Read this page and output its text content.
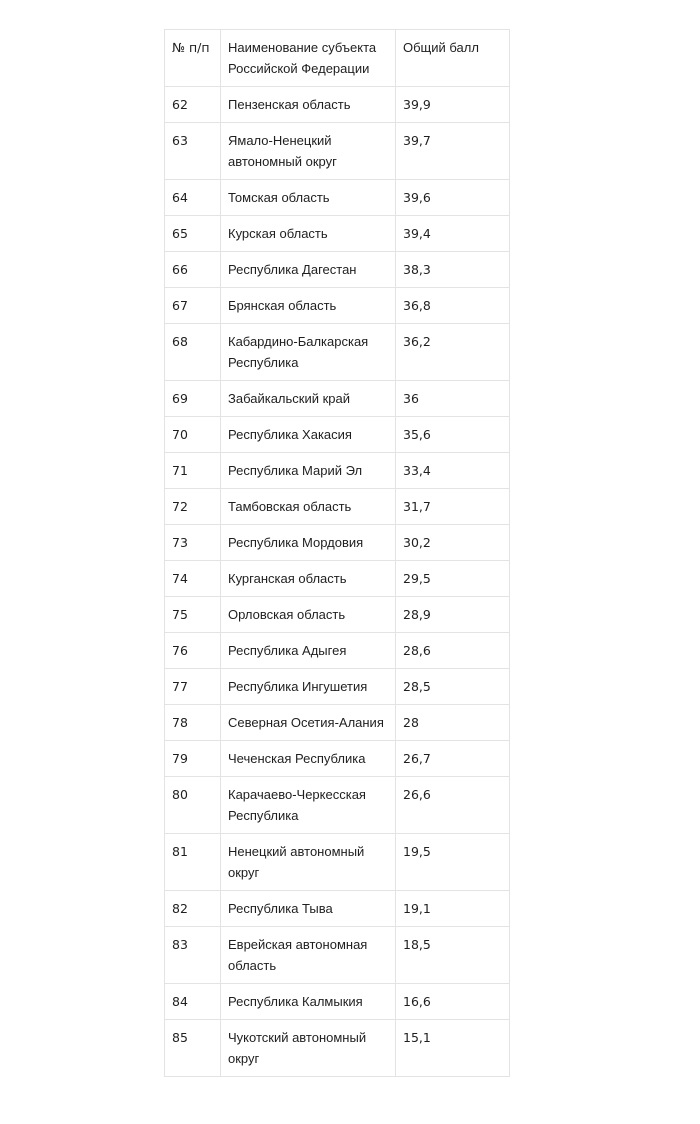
№ п/п	Наименование субъекта Российской Федерации	Общий балл
62	Пензенская область	39,9
63	Ямало-Ненецкий автономный округ	39,7
64	Томская область	39,6
65	Курская область	39,4
66	Республика Дагестан	38,3
67	Брянская область	36,8
68	Кабардино-Балкарская Республика	36,2
69	Забайкальский край	36
70	Республика Хакасия	35,6
71	Республика Марий Эл	33,4
72	Тамбовская область	31,7
73	Республика Мордовия	30,2
74	Курганская область	29,5
75	Орловская область	28,9
76	Республика Адыгея	28,6
77	Республика Ингушетия	28,5
78	Северная Осетия-Алания	28
79	Чеченская Республика	26,7
80	Карачаево-Черкесская Республика	26,6
81	Ненецкий автономный округ	19,5
82	Республика Тыва	19,1
83	Еврейская автономная область	18,5
84	Республика Калмыкия	16,6
85	Чукотский автономный округ	15,1
